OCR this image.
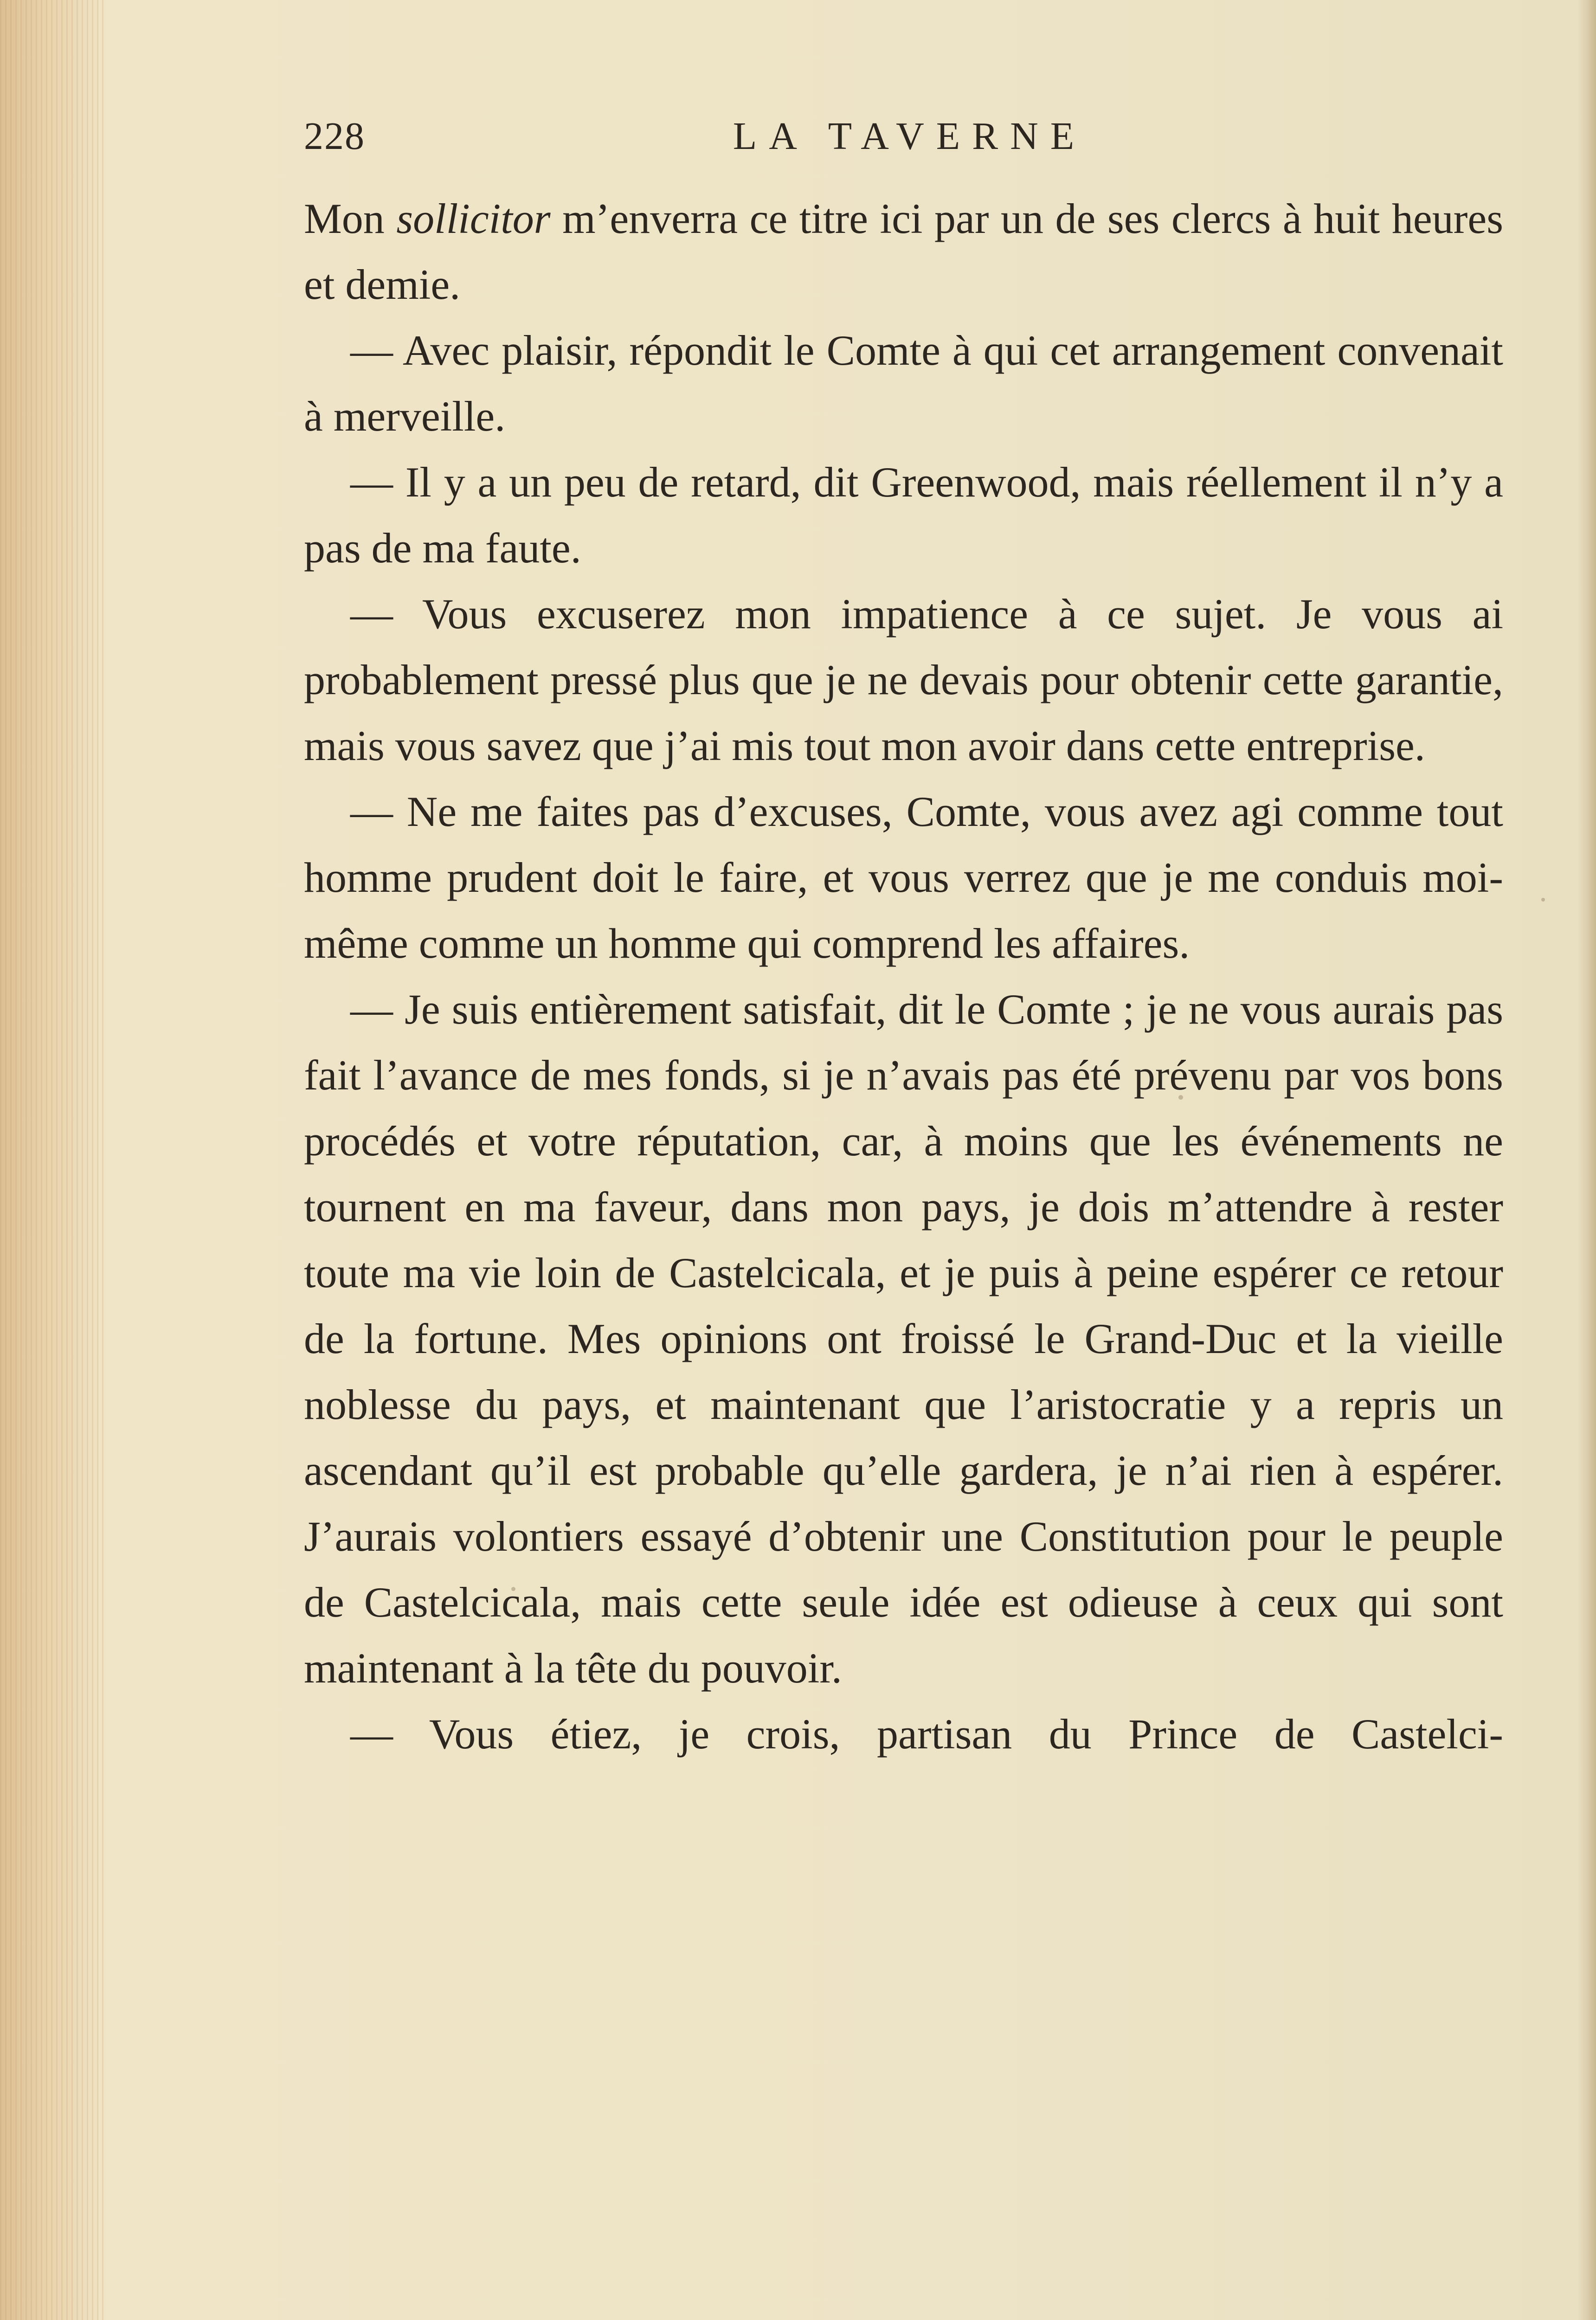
228	LA TAVERNE

Mon sollicitor m’enverra ce titre ici par un de ses clercs à huit heures et demie.

— Avec plaisir, répondit le Comte à qui cet arrangement convenait à merveille.

— Il y a un peu de retard, dit Greenwood, mais réellement il n’y a pas de ma faute.

— Vous excuserez mon impatience à ce sujet. Je vous ai probablement pressé plus que je ne devais pour obtenir cette garantie, mais vous savez que j’ai mis tout mon avoir dans cette entreprise.

— Ne me faites pas d’excuses, Comte, vous avez agi comme tout homme prudent doit le faire, et vous verrez que je me conduis moi-même comme un homme qui comprend les affaires.

— Je suis entièrement satisfait, dit le Comte ; je ne vous aurais pas fait l’avance de mes fonds, si je n’avais pas été prévenu par vos bons procédés et votre réputation, car, à moins que les événements ne tournent en ma faveur, dans mon pays, je dois m’attendre à rester toute ma vie loin de Castelcicala, et je puis à peine espérer ce retour de la fortune. Mes opinions ont froissé le Grand-Duc et la vieille noblesse du pays, et maintenant que l’aristocratie y a repris un ascendant qu’il est probable qu’elle gardera, je n’ai rien à espérer. J’aurais volontiers essayé d’obtenir une Constitution pour le peuple de Castelcicala, mais cette seule idée est odieuse à ceux qui sont maintenant à la tête du pouvoir.

— Vous étiez, je crois, partisan du Prince de Castelci-
